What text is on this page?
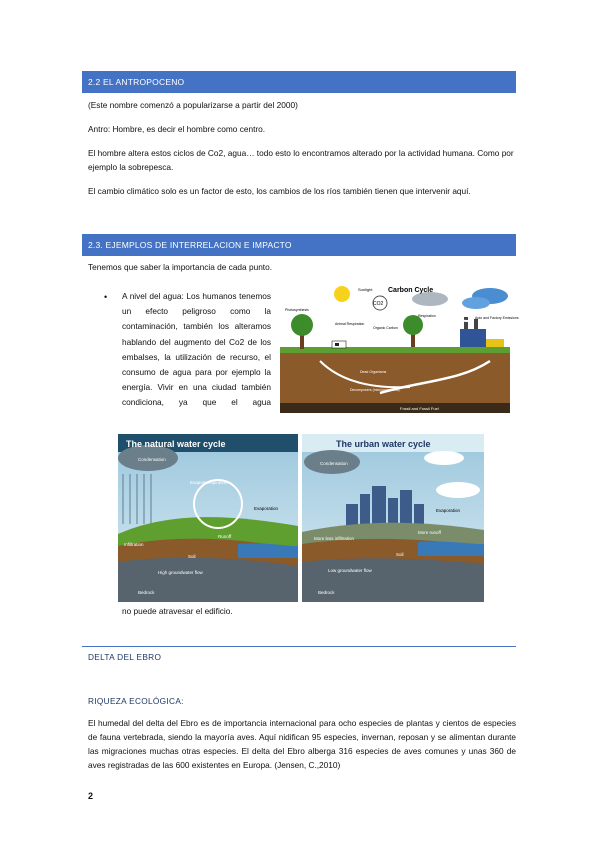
2.2 EL ANTROPOCENO

(Este nombre comenzó a popularizarse a partir del 2000)

Antro: Hombre, es decir el hombre como centro.

El hombre altera estos ciclos de Co2, agua… todo esto lo encontramos alterado por la actividad humana. Como por ejemplo la sobrepesca.

El cambio climático solo es un factor de esto, los cambios de los ríos también tienen que intervenir aquí.

2.3. EJEMPLOS DE INTERRELACION E IMPACTO

Tenemos que saber la importancia de cada punto.

• A nivel del agua: Los humanos tenemos un efecto peligroso como la contaminación, también los alteramos hablando del augmento del Co2 de los embalses, la utilización de recurso, el consumo de agua para por ejemplo la energía. Vivir en una ciudad también condiciona, ya que el agua
Sunlight Carbon Cycle
CO2
Photosynthesis
Animal Respiration
Organic Carbon
Respiration	Auto and Factory Emissions
Dead Organisms
Decomposers (microorganisms)
Fossil and Fossil Fuel
The natural water cycle
Condensation
Evapotranspiration
Evaporation
Runoff
Infiltration
Soil
High groundwater flow
Bedrock
The urban water cycle
Condensation
Evaporation
More runoff
More less infiltration
Soil
Low groundwater flow
Bedrock

no puede atravesar el edificio.

DELTA DEL EBRO
RIQUEZA ECOLÓGICA:

El humedal del delta del Ebro es de importancia internacional para ocho especies de plantas y cientos de especies de fauna vertebrada, siendo la mayoría aves. Aquí nidifican 95 especies, invernan, reposan y se alimentan durante las migraciones muchas otras especies. El delta del Ebro alberga 316 especies de aves comunes y unas 360 de aves registradas de las 600 existentes en Europa. (Jensen, C.,2010)

2
